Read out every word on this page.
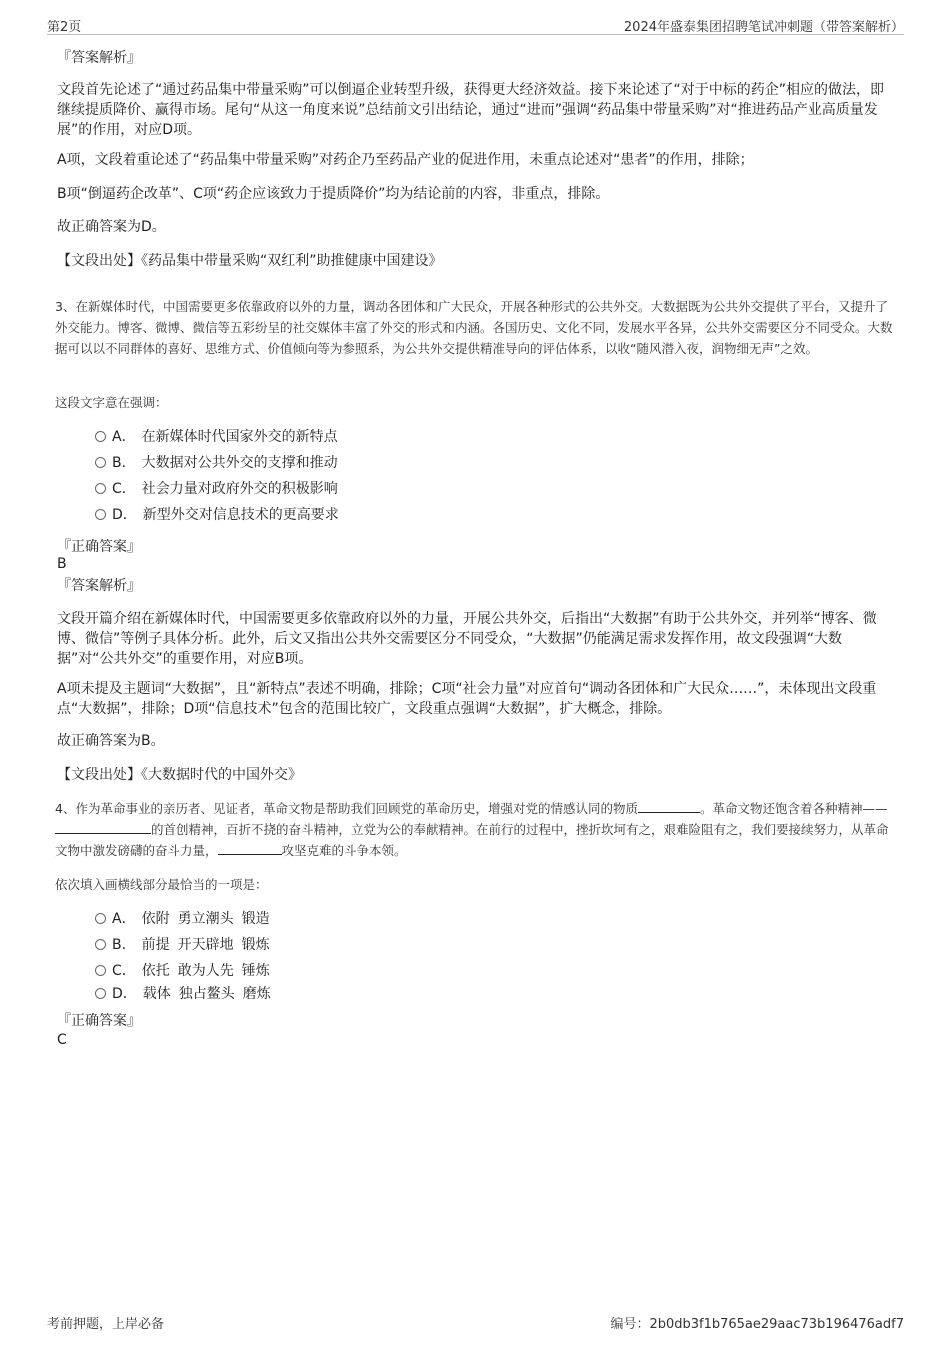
第2页	2024年盛泰集团招聘笔试冲刺题（带答案解析）
『答案解析』
文段首先论述了“通过药品集中带量采购”可以倒逼企业转型升级，获得更大经济效益。接下来论述了“对于中标的药企”相应的做法，即继续提质降价、赢得市场。尾句“从这一角度来说”总结前文引出结论，通过“进而”强调“药品集中带量采购”对“推进药品产业高质量发展”的作用，对应D项。
A项，文段着重论述了“药品集中带量采购”对药企乃至药品产业的促进作用，未重点论述对“患者”的作用，排除；
B项“倒逼药企改革”、C项“药企应该致力于提质降价”均为结论前的内容，非重点，排除。
故正确答案为D。
【文段出处】《药品集中带量采购“双红利”助推健康中国建设》
3、在新媒体时代，中国需要更多依靠政府以外的力量，调动各团体和广大民众，开展各种形式的公共外交。大数据既为公共外交提供了平台，又提升了外交能力。博客、微博、微信等五彩纷呈的社交媒体丰富了外交的形式和内涵。各国历史、文化不同，发展水平各异，公共外交需要区分不同受众。大数据可以以不同群体的喜好、思维方式、价值倾向等为参照系，为公共外交提供精准导向的评估体系，以收“随风潜入夜，润物细无声”之效。
这段文字意在强调：
A． 在新媒体时代国家外交的新特点
B． 大数据对公共外交的支撑和推动
C． 社会力量对政府外交的积极影响
D． 新型外交对信息技术的更高要求
『正确答案』
B
『答案解析』
文段开篇介绍在新媒体时代，中国需要更多依靠政府以外的力量，开展公共外交，后指出“大数据”有助于公共外交，并列举“博客、微博、微信”等例子具体分析。此外，后文又指出公共外交需要区分不同受众，“大数据”仍能满足需求发挥作用，故文段强调“大数据”对“公共外交”的重要作用，对应B项。
A项未提及主题词“大数据”，且“新特点”表述不明确，排除；C项“社会力量”对应首句“调动各团体和广大民众……”，未体现出文段重点“大数据”，排除；D项“信息技术”包含的范围比较广，文段重点强调“大数据”，扩大概念，排除。
故正确答案为B。
【文段出处】《大数据时代的中国外交》
4、作为革命事业的亲历者、见证者，革命文物是帮助我们回顾党的革命历史，增强对党的情感认同的物质	。革命文物还饱含着各种精神——的首创精神，百折不挠的奋斗精神，立党为公的奉献精神。在前行的过程中，挫折坎坷有之，艰难险阻有之，我们要接续努力，从革命文物中激发磅礴的奋斗力量，	攻坚克难的斗争本领。
依次填入画横线部分最恰当的一项是：
A． 依附 勇立潮头 锻造
B． 前提 开天辟地 锻炼
C． 依托 敢为人先 锤炼
D． 载体 独占鳌头 磨炼
『正确答案』
C
考前押题，上岸必备	编号：2b0db3f1b765ae29aac73b196476adf7
